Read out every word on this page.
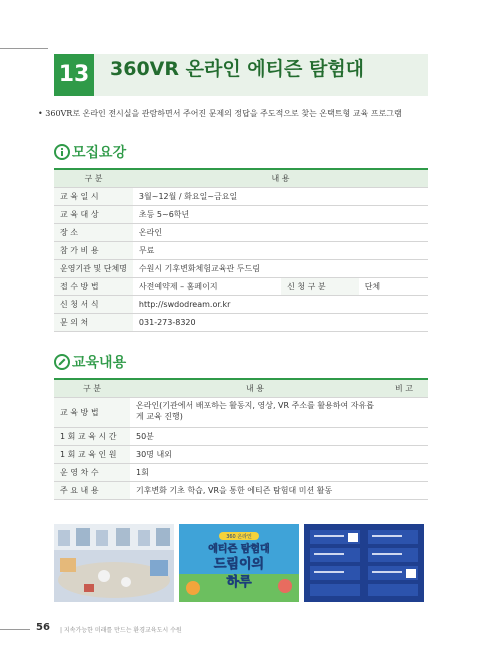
13 360VR 온라인 에티즌 탐험대
• 360VR로 온라인 전시실을 관람하면서 주어진 문제의 정답을 주도적으로 찾는 온택트형 교육 프로그램
모집요강
구 분	내 용		
교 육 일 시	3월~12월 / 화요일~금요일		
교 육 대 상	초등 5~6학년		
장 소	온라인		
참 가 비 용	무료		
운영기관 및 단체명	수원시 기후변화체험교육관 두드림		
접 수 방 법	사전예약제 – 홈페이지	신 청 구 분	단체
신 청 서 식	http://swdodream.or.kr		
문 의 처	031-273-8320		
교육내용
구 분	내 용	비 고
교 육 방 법	온라인(기관에서 배포하는 활동지, 영상, VR 주소를 활용하여 자유롭게 교육 진행)	
1 회 교 육 시 간	50분	
1 회 교 육 인 원	30명 내외	
운 영 차 수	1회	
주 요 내 용	기후변화 기초 학습, VR을 통한 에티즌 탐험대 미션 활동	
360 온라인
에티즌 탐험대
드림이의
하루
56 | 지속가능한 미래를 만드는 환경교육도시 수원
